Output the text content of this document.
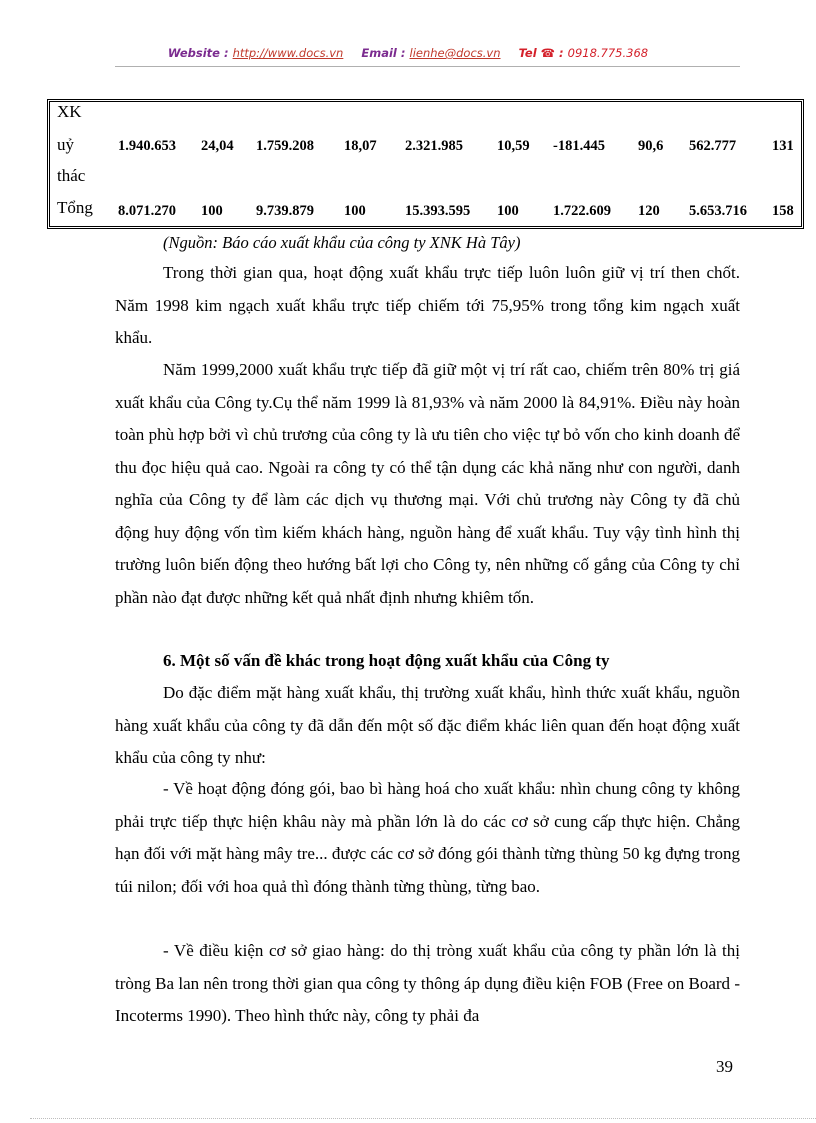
Website : http://www.docs.vn Email : lienhe@docs.vn Tel ☎ : 0918.775.368
XK
uỷ
thác
1.940.653 24,04 1.759.208 18,07 2.321.985 10,59 -181.445 90,6 562.777 131
Tổng 8.071.270 100 9.739.879 100	15.393.595 100 1.722.609 120 5.653.716 158
(Nguồn: Báo cáo xuất khẩu của công ty XNK Hà Tây)

Trong thời gian qua, hoạt động xuất khẩu trực tiếp luôn luôn giữ vị trí then chốt. Năm 1998 kim ngạch xuất khẩu trực tiếp chiếm tới 75,95% trong tổng kim ngạch xuất khẩu.

Năm 1999,2000 xuất khẩu trực tiếp đã giữ một vị trí rất cao, chiếm trên 80% trị giá xuất khẩu của Công ty.Cụ thể năm 1999 là 81,93% và năm 2000 là 84,91%. Điều này hoàn toàn phù hợp bởi vì chủ trương của công ty là ưu tiên cho việc tự bỏ vốn cho kinh doanh để thu đọc hiệu quả cao. Ngoài ra công ty có thể tận dụng các khả năng như con người, danh nghĩa của Công ty để làm các dịch vụ thương mại. Với chủ trương này Công ty đã chủ động huy động vốn tìm kiếm khách hàng, nguồn hàng để xuất khẩu. Tuy vậy tình hình thị trường luôn biến động theo hướng bất lợi cho Công ty, nên những cố gắng của Công ty chỉ phần nào đạt được những kết quả nhất định nhưng khiêm tốn.

6. Một số vấn đề khác trong hoạt động xuất khẩu của Công ty

Do đặc điểm mặt hàng xuất khẩu, thị trường xuất khẩu, hình thức xuất khẩu, nguồn hàng xuất khẩu của công ty đã dẫn đến một số đặc điểm khác liên quan đến hoạt động xuất khẩu của công ty như:

- Về hoạt động đóng gói, bao bì hàng hoá cho xuất khẩu: nhìn chung công ty không phải trực tiếp thực hiện khâu này mà phần lớn là do các cơ sở cung cấp thực hiện. Chẳng hạn đối với mặt hàng mây tre... được các cơ sở đóng gói thành từng thùng 50 kg đựng trong túi nilon; đối với hoa quả thì đóng thành từng thùng, từng bao.

- Về điều kiện cơ sở giao hàng: do thị tròng xuất khẩu của công ty phần lớn là thị tròng Ba lan nên trong thời gian qua công ty thông áp dụng điều kiện FOB (Free on Board - Incoterms 1990). Theo hình thức này, công ty phải đa

39
